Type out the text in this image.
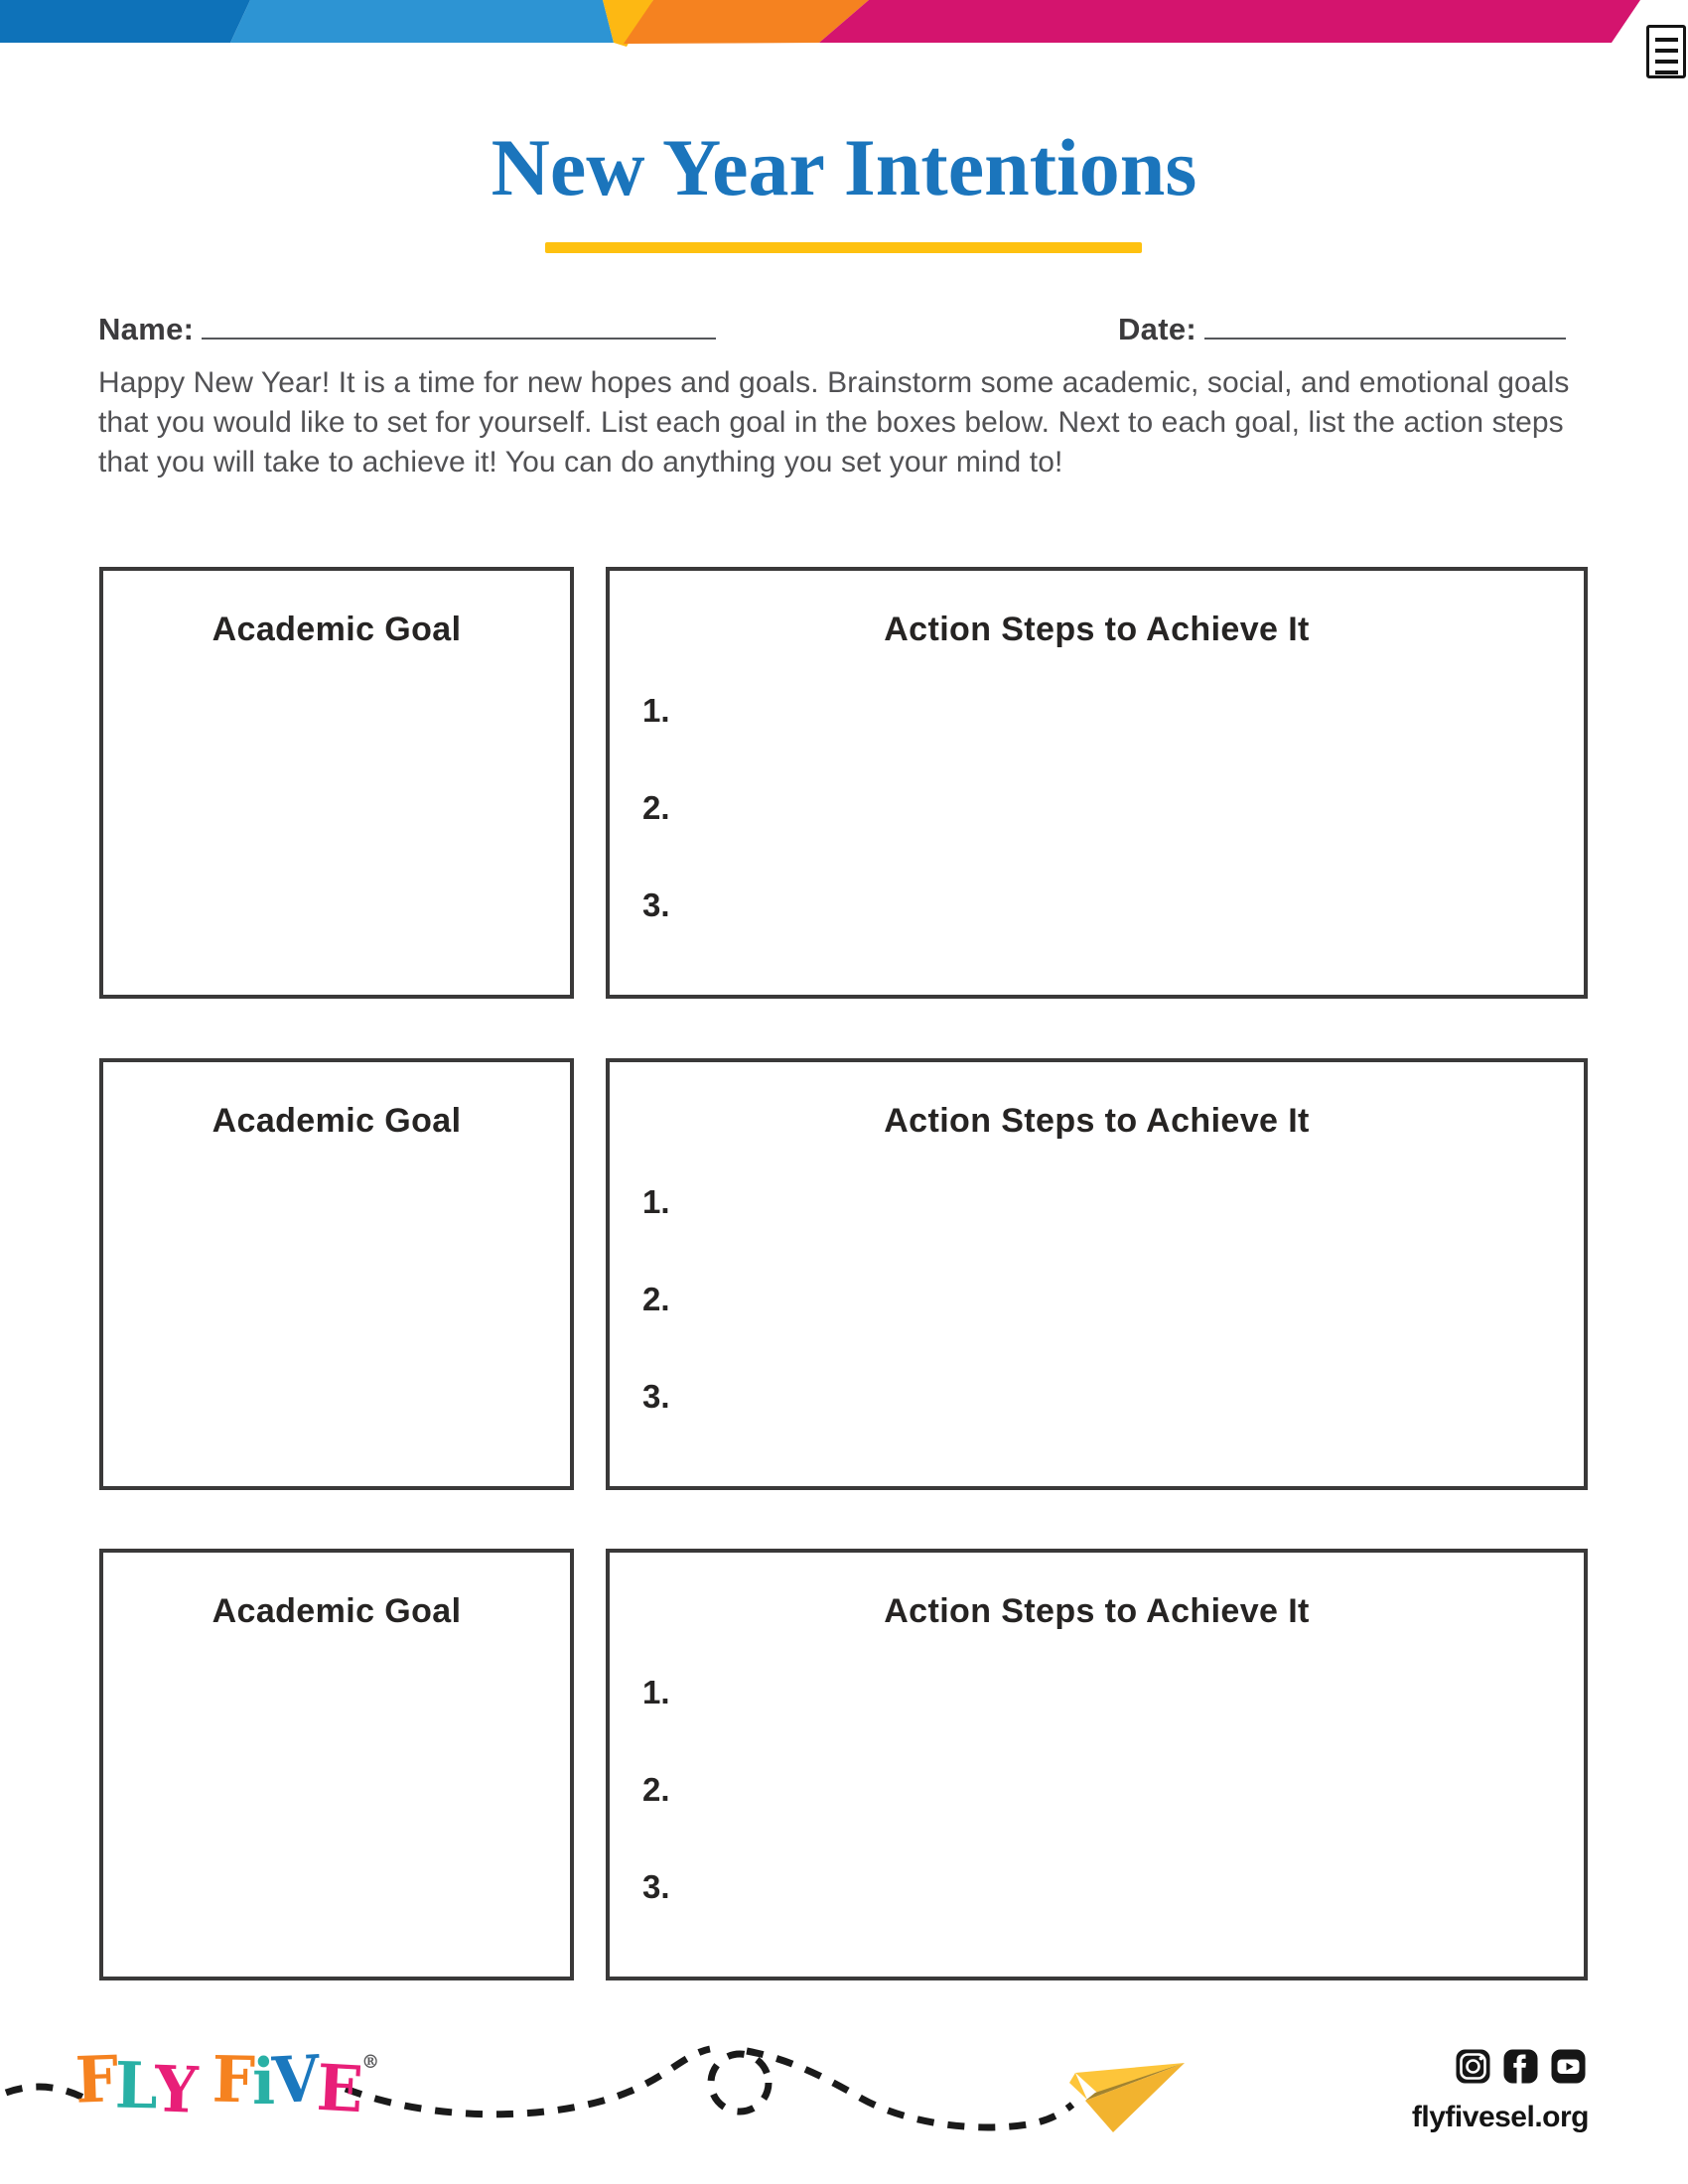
New Year Intentions
Name:	Date:

Happy New Year! It is a time for new hopes and goals. Brainstorm some academic, social, and emotional goals that you would like to set for yourself. List each goal in the boxes below. Next to each goal, list the action steps that you will take to achieve it! You can do anything you set your mind to!

Academic Goal	Action Steps to Achieve It
1.
2.
3.
Academic Goal	Action Steps to Achieve It
1.
2.
3.
Academic Goal	Action Steps to Achieve It
1.
2.
3.
FLY FiVE®
flyfivesel.org
